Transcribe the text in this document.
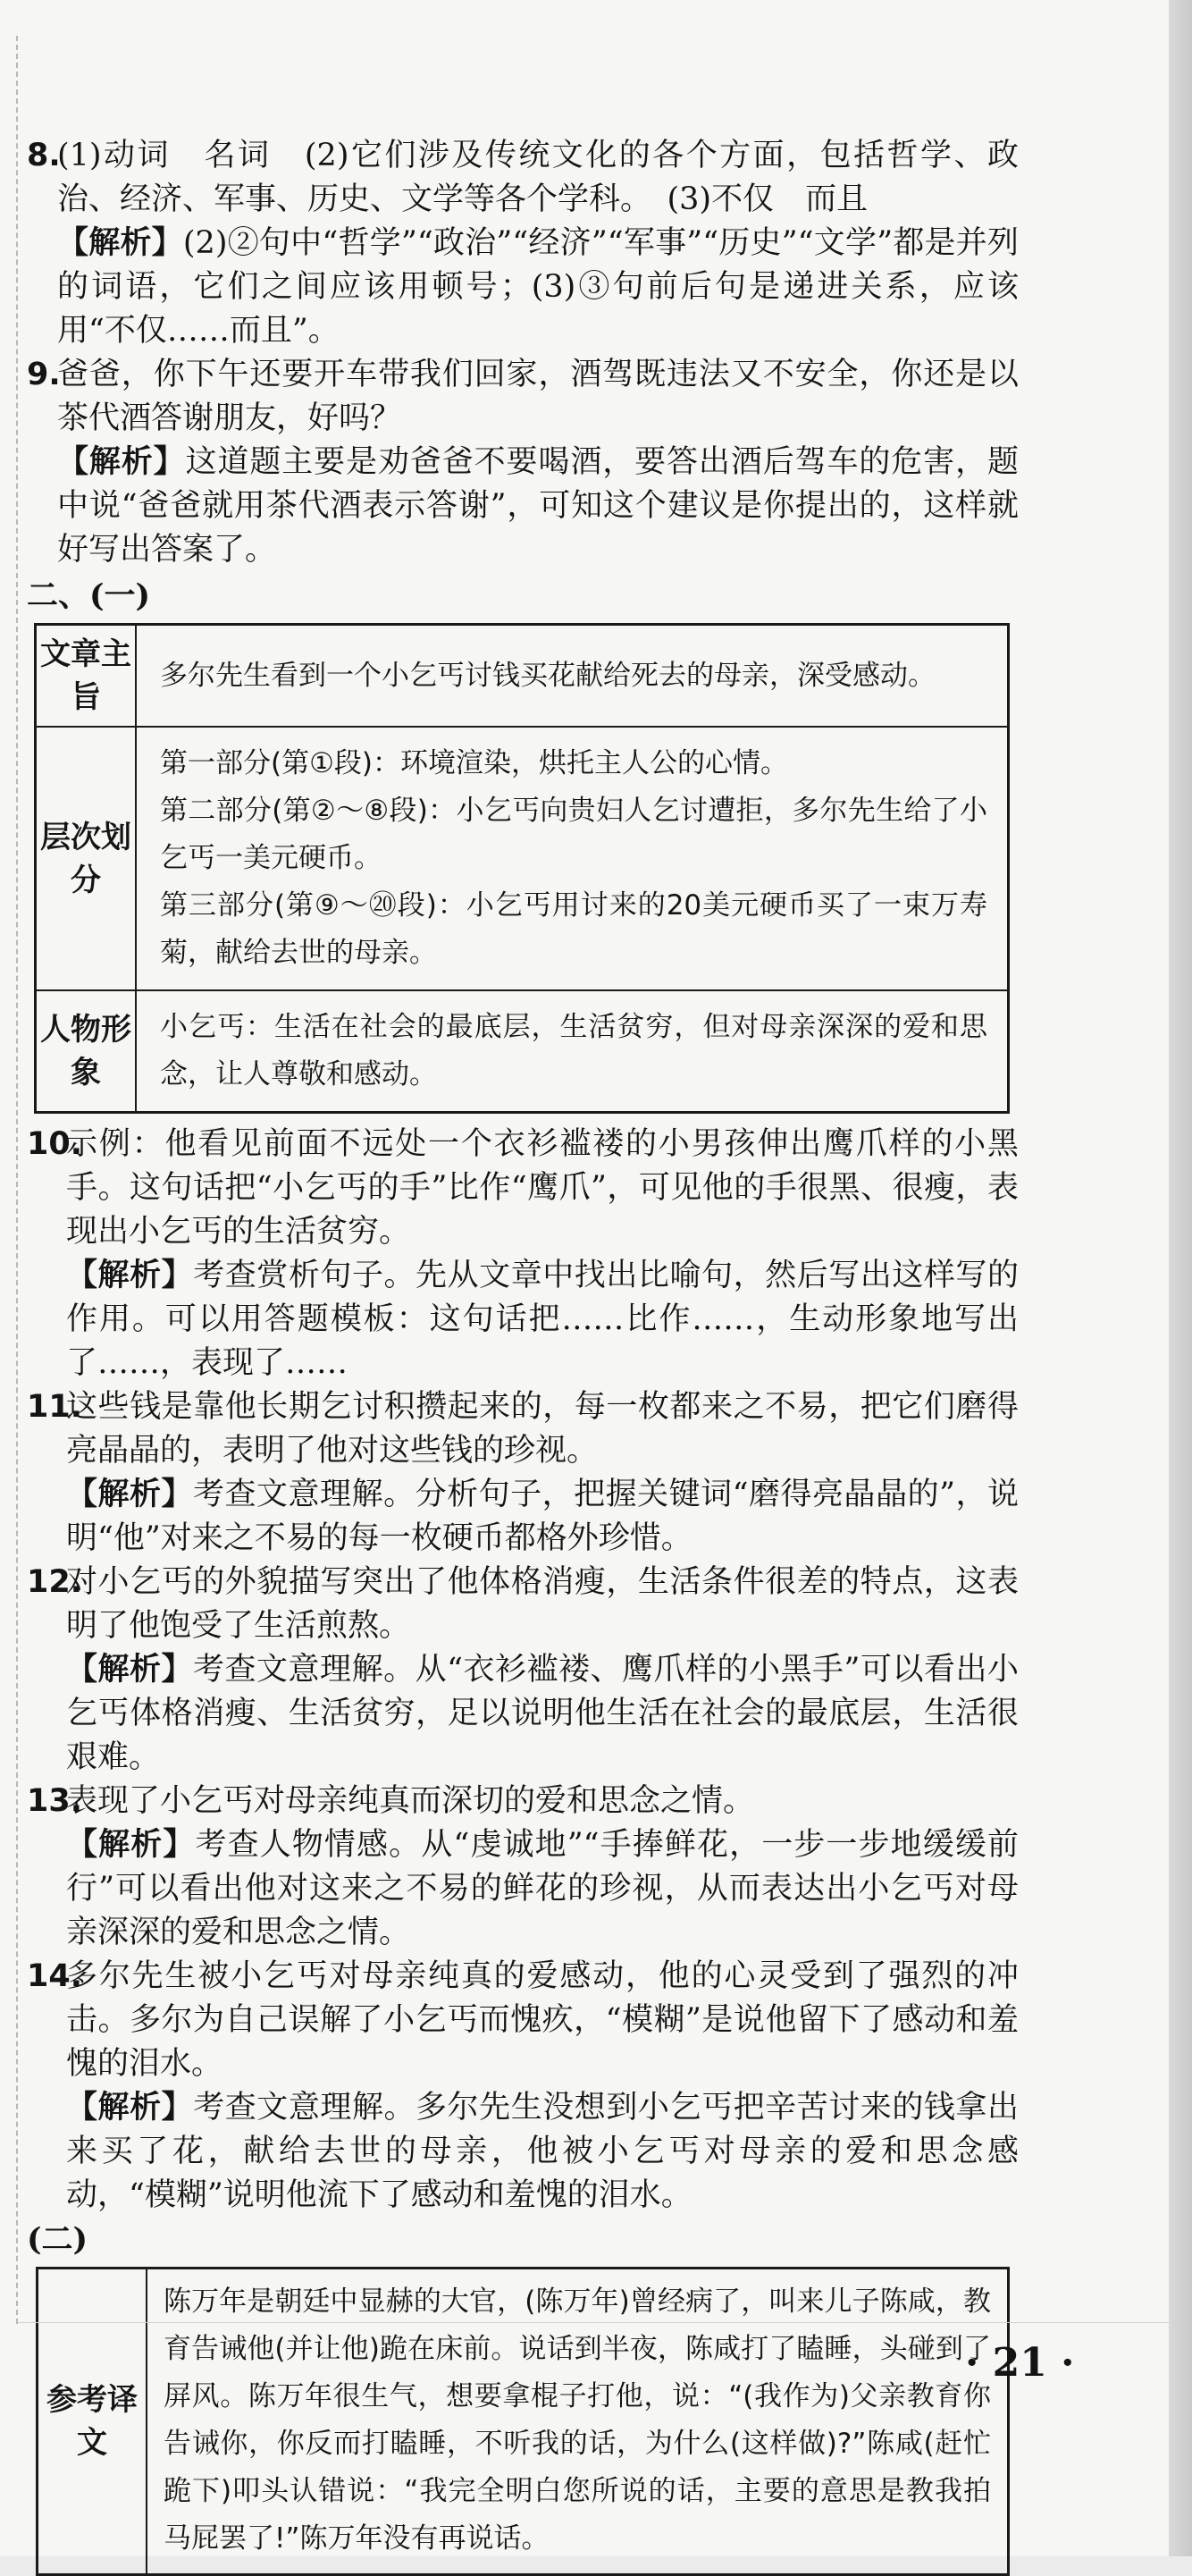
8.
(1)动词　名词　(2)它们涉及传统文化的各个方面，包括哲学、政治、经济、军事、历史、文学等各个学科。　(3)不仅　而且
【解析】(2)②句中“哲学”“政治”“经济”“军事”“历史”“文学”都是并列的词语，它们之间应该用顿号；(3)③句前后句是递进关系，应该用“不仅……而且”。
9.
爸爸，你下午还要开车带我们回家，酒驾既违法又不安全，你还是以茶代酒答谢朋友，好吗？
【解析】这道题主要是劝爸爸不要喝酒，要答出酒后驾车的危害，题中说“爸爸就用茶代酒表示答谢”，可知这个建议是你提出的，这样就好写出答案了。
二、(一)
文章主旨	多尔先生看到一个小乞丐讨钱买花献给死去的母亲，深受感动。

层次划分	第一部分(第①段)：环境渲染，烘托主人公的心情。
第二部分(第②～⑧段)：小乞丐向贵妇人乞讨遭拒，多尔先生给了小乞丐一美元硬币。
第三部分(第⑨～⑳段)：小乞丐用讨来的20美元硬币买了一束万寿菊，献给去世的母亲。

人物形象	小乞丐：生活在社会的最底层，生活贫穷，但对母亲深深的爱和思念，让人尊敬和感动。
10.
示例：他看见前面不远处一个衣衫褴褛的小男孩伸出鹰爪样的小黑手。这句话把“小乞丐的手”比作“鹰爪”，可见他的手很黑、很瘦，表现出小乞丐的生活贫穷。
【解析】考查赏析句子。先从文章中找出比喻句，然后写出这样写的作用。可以用答题模板：这句话把……比作……，生动形象地写出了……，表现了……
11.
这些钱是靠他长期乞讨积攒起来的，每一枚都来之不易，把它们磨得亮晶晶的，表明了他对这些钱的珍视。
【解析】考查文意理解。分析句子，把握关键词“磨得亮晶晶的”，说明“他”对来之不易的每一枚硬币都格外珍惜。
12.
对小乞丐的外貌描写突出了他体格消瘦，生活条件很差的特点，这表明了他饱受了生活煎熬。
【解析】考查文意理解。从“衣衫褴褛、鹰爪样的小黑手”可以看出小乞丐体格消瘦、生活贫穷，足以说明他生活在社会的最底层，生活很艰难。
13.
表现了小乞丐对母亲纯真而深切的爱和思念之情。
【解析】考查人物情感。从“虔诚地”“手捧鲜花，一步一步地缓缓前行”可以看出他对这来之不易的鲜花的珍视，从而表达出小乞丐对母亲深深的爱和思念之情。
14.
多尔先生被小乞丐对母亲纯真的爱感动，他的心灵受到了强烈的冲击。多尔为自己误解了小乞丐而愧疚，“模糊”是说他留下了感动和羞愧的泪水。
【解析】考查文意理解。多尔先生没想到小乞丐把辛苦讨来的钱拿出来买了花，献给去世的母亲，他被小乞丐对母亲的爱和思念感动，“模糊”说明他流下了感动和羞愧的泪水。
(二)
参考译文	陈万年是朝廷中显赫的大官，(陈万年)曾经病了，叫来儿子陈咸，教育告诫他(并让他)跪在床前。说话到半夜，陈咸打了瞌睡，头碰到了屏风。陈万年很生气，想要拿棍子打他，说：“(我作为)父亲教育你告诫你，你反而打瞌睡，不听我的话，为什么(这样做)?”陈咸(赶忙跪下)叩头认错说：“我完全明白您所说的话，主要的意思是教我拍马屁罢了!”陈万年没有再说话。
· 21 ·
